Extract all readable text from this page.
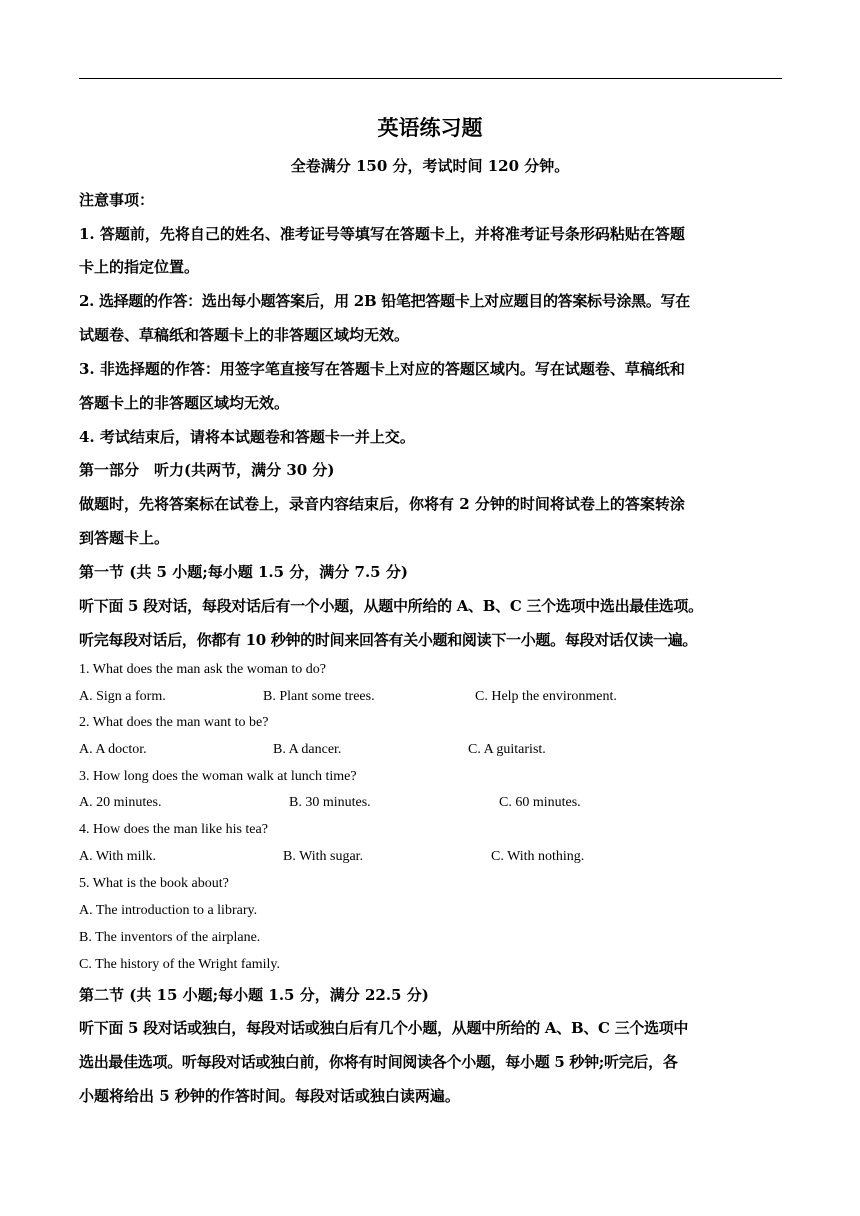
英语练习题
全卷满分 150 分，考试时间 120 分钟。
注意事项：
1. 答题前，先将自己的姓名、准考证号等填写在答题卡上，并将准考证号条形码粘贴在答题
卡上的指定位置。
2. 选择题的作答：选出每小题答案后，用 2B 铅笔把答题卡上对应题目的答案标号涂黑。写在
试题卷、草稿纸和答题卡上的非答题区域均无效。
3. 非选择题的作答：用签字笔直接写在答题卡上对应的答题区域内。写在试题卷、草稿纸和
答题卡上的非答题区域均无效。
4. 考试结束后，请将本试题卷和答题卡一并上交。
第一部分　听力(共两节，满分 30 分)
做题时，先将答案标在试卷上，录音内容结束后，你将有 2 分钟的时间将试卷上的答案转涂
到答题卡上。
第一节 (共 5 小题;每小题 1.5 分，满分 7.5 分)
听下面 5 段对话，每段对话后有一个小题，从题中所给的 A、B、C 三个选项中选出最佳选项。
听完每段对话后，你都有 10 秒钟的时间来回答有关小题和阅读下一小题。每段对话仅读一遍。
1. What does the man ask the woman to do?
A. Sign a form.	B. Plant some trees.	C. Help the environment.
2. What does the man want to be?
A. A doctor.	B. A dancer.	C. A guitarist.
3. How long does the woman walk at lunch time?
A. 20 minutes.	B. 30 minutes.	C. 60 minutes.
4. How does the man like his tea?
A. With milk.	B. With sugar.	C. With nothing.
5. What is the book about?
A. The introduction to a library.
B. The inventors of the airplane.
C. The history of the Wright family.
第二节 (共 15 小题;每小题 1.5 分，满分 22.5 分)
听下面 5 段对话或独白，每段对话或独白后有几个小题，从题中所给的 A、B、C 三个选项中
选出最佳选项。听每段对话或独白前，你将有时间阅读各个小题，每小题 5 秒钟;听完后，各
小题将给出 5 秒钟的作答时间。每段对话或独白读两遍。
